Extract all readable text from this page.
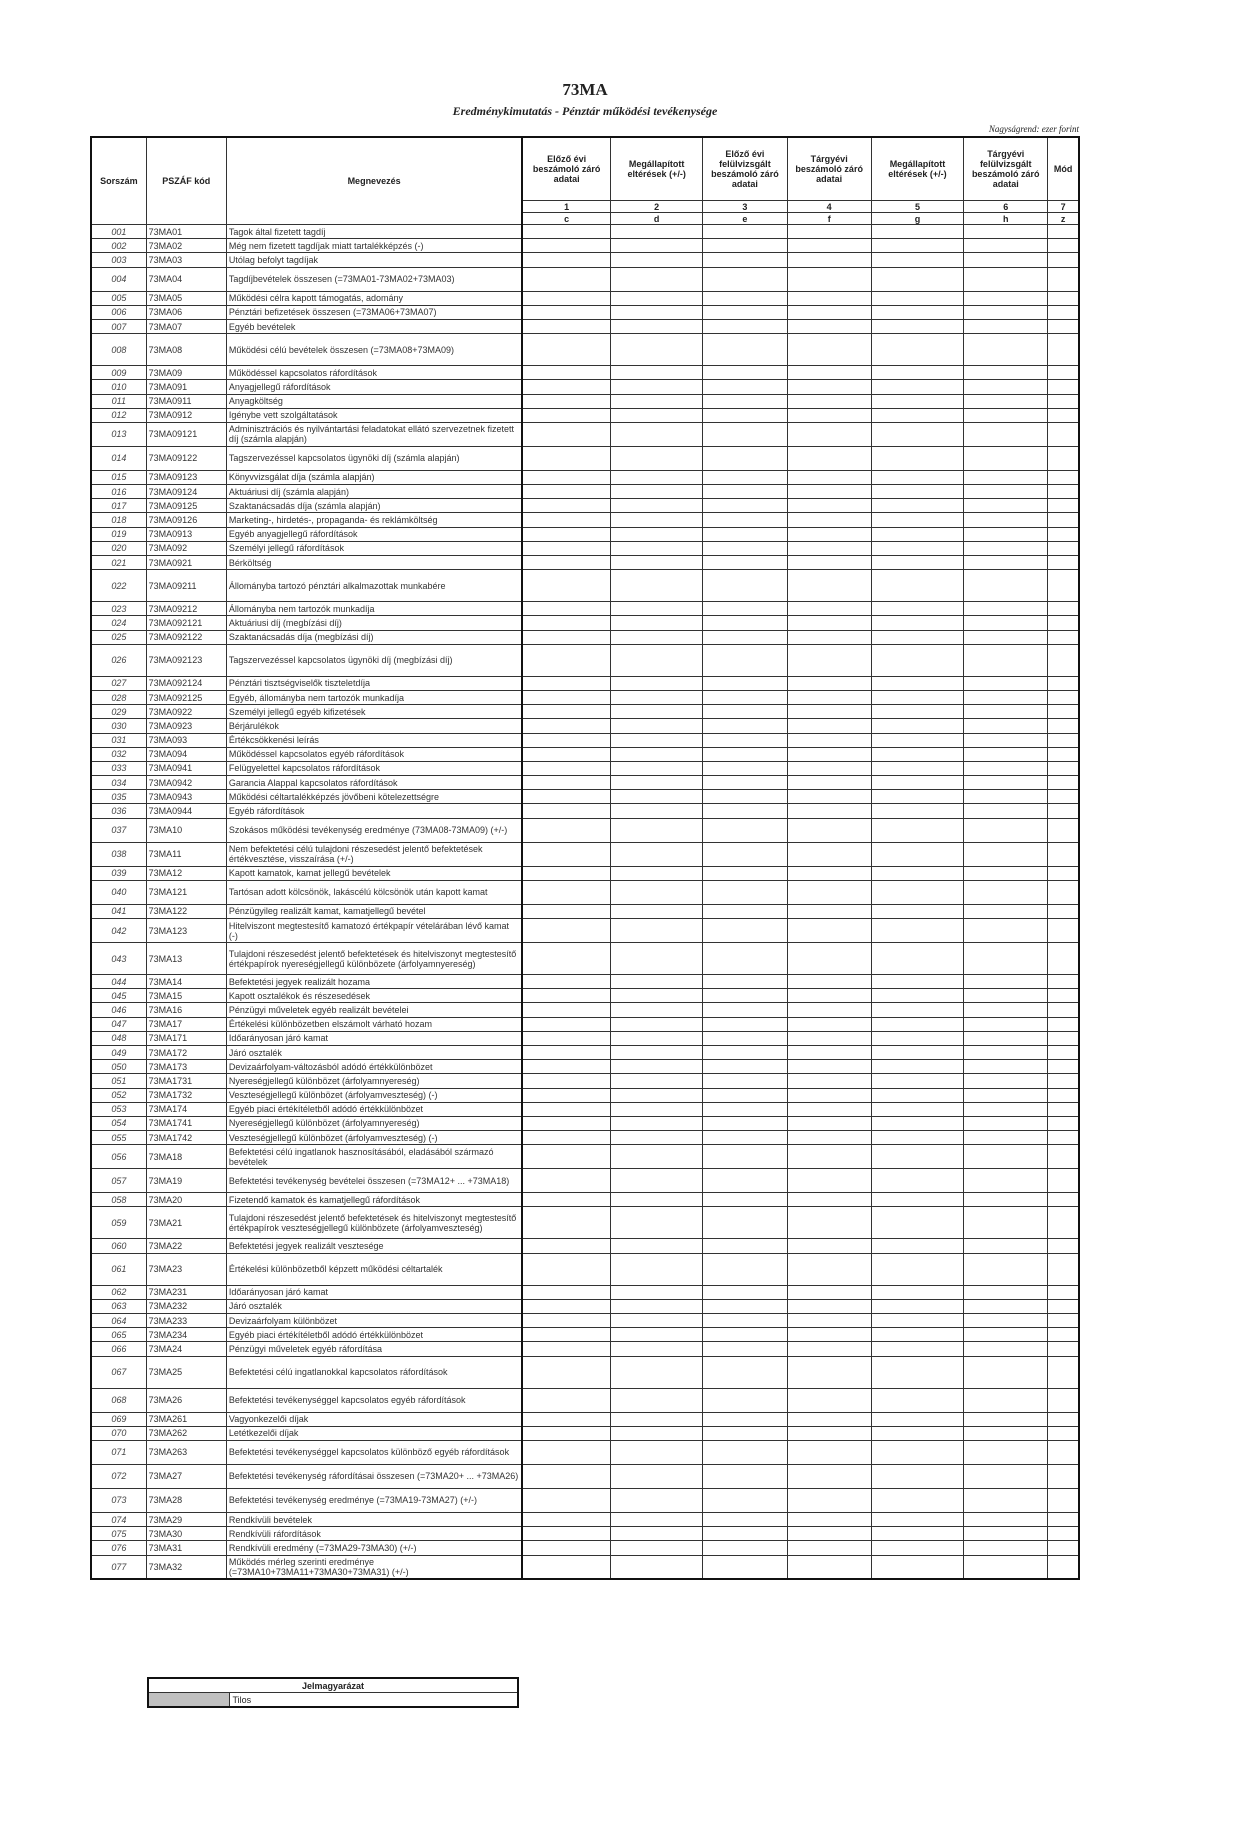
73MA
Eredménykimutatás - Pénztár működési tevékenysége
Nagyságrend: ezer forint
Sorszám	PSZÁF kód	Megnevezés	Előző évi beszámoló záró adatai	Megállapított eltérések (+/-)	Előző évi felülvizsgált beszámoló záró adatai	Tárgyévi beszámoló záró adatai	Megállapított eltérések (+/-)	Tárgyévi felülvizsgált beszámoló záró adatai	Mód
			1	2	3	4	5	6	7
			c	d	e	f	g	h	z
001	73MA01	Tagok által fizetett tagdíj							
002	73MA02	Még nem fizetett tagdíjak miatt tartalékképzés (-)							
003	73MA03	Utólag befolyt tagdíjak							
004	73MA04	Tagdíjbevételek összesen (=73MA01-73MA02+73MA03)							
005	73MA05	Működési célra kapott támogatás, adomány							
006	73MA06	Pénztári befizetések összesen (=73MA06+73MA07)							
007	73MA07	Egyéb bevételek							
008	73MA08	Működési célú bevételek összesen (=73MA08+73MA09)							
009	73MA09	Működéssel kapcsolatos ráfordítások							
010	73MA091	Anyagjellegű ráfordítások							
011	73MA0911	Anyagköltség							
012	73MA0912	Igénybe vett szolgáltatások							
013	73MA09121	Adminisztrációs és nyilvántartási feladatokat ellátó szervezetnek fizetett díj (számla alapján)							
014	73MA09122	Tagszervezéssel kapcsolatos ügynöki díj (számla alapján)							
015	73MA09123	Könyvvizsgálat díja (számla alapján)							
016	73MA09124	Aktuáriusi díj (számla alapján)							
017	73MA09125	Szaktanácsadás díja (számla alapján)							
018	73MA09126	Marketing-, hirdetés-, propaganda- és reklámköltség							
019	73MA0913	Egyéb anyagjellegű ráfordítások							
020	73MA092	Személyi jellegű ráfordítások							
021	73MA0921	Bérköltség							
022	73MA09211	Állományba tartozó pénztári alkalmazottak munkabére							
023	73MA09212	Állományba nem tartozók munkadíja							
024	73MA092121	Aktuáriusi díj (megbízási díj)							
025	73MA092122	Szaktanácsadás díja (megbízási díj)							
026	73MA092123	Tagszervezéssel kapcsolatos ügynöki díj (megbízási díj)							
027	73MA092124	Pénztári tisztségviselők tiszteletdíja							
028	73MA092125	Egyéb, állományba nem tartozók munkadíja							
029	73MA0922	Személyi jellegű egyéb kifizetések							
030	73MA0923	Bérjárulékok							
031	73MA093	Értékcsökkenési leírás							
032	73MA094	Működéssel kapcsolatos egyéb ráfordítások							
033	73MA0941	Felügyelettel kapcsolatos ráfordítások							
034	73MA0942	Garancia Alappal kapcsolatos ráfordítások							
035	73MA0943	Működési céltartalékképzés jövőbeni kötelezettségre							
036	73MA0944	Egyéb ráfordítások							
037	73MA10	Szokásos működési tevékenység eredménye (73MA08-73MA09) (+/-)							
038	73MA11	Nem befektetési célú tulajdoni részesedést jelentő befektetések értékvesztése, visszaírása (+/-)							
039	73MA12	Kapott kamatok, kamat jellegű bevételek							
040	73MA121	Tartósan adott kölcsönök, lakáscélú kölcsönök után kapott kamat							
041	73MA122	Pénzügyileg realizált kamat, kamatjellegű bevétel							
042	73MA123	Hitelviszont megtestesítő kamatozó értékpapír vételárában lévő kamat (-)							
043	73MA13	Tulajdoni részesedést jelentő befektetések és hitelviszonyt megtestesítő értékpapírok nyereségjellegű különbözete (árfolyamnyereség)							
044	73MA14	Befektetési jegyek realizált hozama							
045	73MA15	Kapott osztalékok és részesedések							
046	73MA16	Pénzügyi műveletek egyéb realizált bevételei							
047	73MA17	Értékelési különbözetben elszámolt várható hozam							
048	73MA171	Időarányosan járó kamat							
049	73MA172	Járó osztalék							
050	73MA173	Devizaárfolyam-változásból adódó értékkülönbözet							
051	73MA1731	Nyereségjellegű különbözet (árfolyamnyereség)							
052	73MA1732	Veszteségjellegű különbözet (árfolyamveszteség) (-)							
053	73MA174	Egyéb piaci értékítéletből adódó értékkülönbözet							
054	73MA1741	Nyereségjellegű különbözet (árfolyamnyereség)							
055	73MA1742	Veszteségjellegű különbözet (árfolyamveszteség) (-)							
056	73MA18	Befektetési célú ingatlanok hasznosításából, eladásából származó bevételek							
057	73MA19	Befektetési tevékenység bevételei összesen (=73MA12+ ... +73MA18)							
058	73MA20	Fizetendő kamatok és kamatjellegű ráfordítások							
059	73MA21	Tulajdoni részesedést jelentő befektetések és hitelviszonyt megtestesítő értékpapírok veszteségjellegű különbözete (árfolyamveszteség)							
060	73MA22	Befektetési jegyek realizált vesztesége							
061	73MA23	Értékelési különbözetből képzett működési céltartalék							
062	73MA231	Időarányosan járó kamat							
063	73MA232	Járó osztalék							
064	73MA233	Devizaárfolyam különbözet							
065	73MA234	Egyéb piaci értékítéletből adódó értékkülönbözet							
066	73MA24	Pénzügyi műveletek egyéb ráfordítása							
067	73MA25	Befektetési célú ingatlanokkal kapcsolatos ráfordítások							
068	73MA26	Befektetési tevékenységgel kapcsolatos egyéb ráfordítások							
069	73MA261	Vagyonkezelői díjak							
070	73MA262	Letétkezelői díjak							
071	73MA263	Befektetési tevékenységgel kapcsolatos különböző egyéb ráfordítások							
072	73MA27	Befektetési tevékenység ráfordításai összesen (=73MA20+ ... +73MA26)							
073	73MA28	Befektetési tevékenység eredménye (=73MA19-73MA27) (+/-)							
074	73MA29	Rendkívüli bevételek							
075	73MA30	Rendkívüli ráfordítások							
076	73MA31	Rendkívüli eredmény (=73MA29-73MA30) (+/-)							
077	73MA32	Működés mérleg szerinti eredménye (=73MA10+73MA11+73MA30+73MA31) (+/-)							
Jelmagyarázat
	Tilos
